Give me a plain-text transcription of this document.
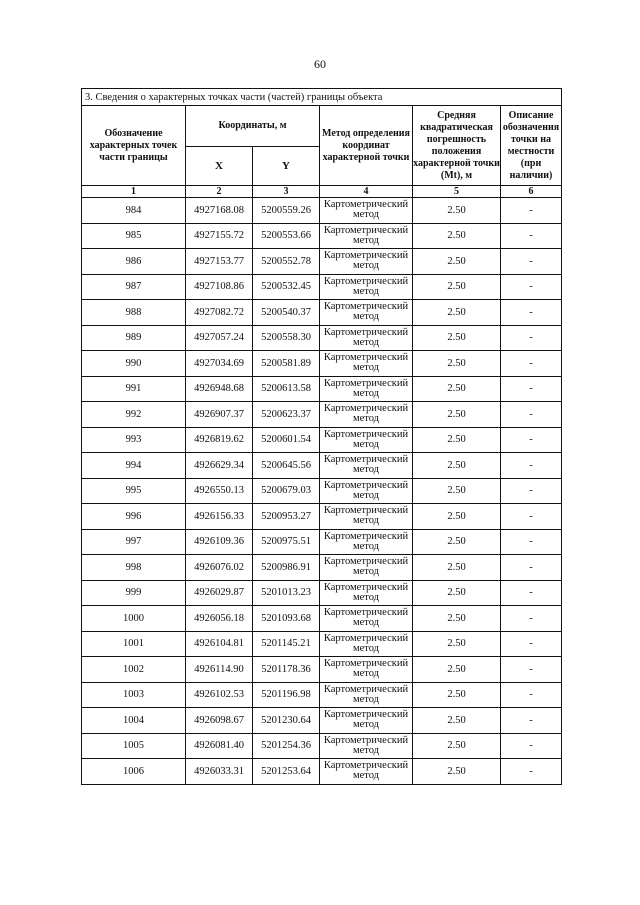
60
3. Сведения о характерных точках части (частей) границы объекта					
Обозначение характерных точек части границы	Координаты, м		Метод определения координат характерной точки	Средняя квадратическая погрешность положения характерной точки (Mt), м	Описание обозначения точки на местности (при наличии)
	X	Y			
1	2	3	4	5	6
984	4927168.08	5200559.26	Картометрический метод	2.50	-
985	4927155.72	5200553.66	Картометрический метод	2.50	-
986	4927153.77	5200552.78	Картометрический метод	2.50	-
987	4927108.86	5200532.45	Картометрический метод	2.50	-
988	4927082.72	5200540.37	Картометрический метод	2.50	-
989	4927057.24	5200558.30	Картометрический метод	2.50	-
990	4927034.69	5200581.89	Картометрический метод	2.50	-
991	4926948.68	5200613.58	Картометрический метод	2.50	-
992	4926907.37	5200623.37	Картометрический метод	2.50	-
993	4926819.62	5200601.54	Картометрический метод	2.50	-
994	4926629.34	5200645.56	Картометрический метод	2.50	-
995	4926550.13	5200679.03	Картометрический метод	2.50	-
996	4926156.33	5200953.27	Картометрический метод	2.50	-
997	4926109.36	5200975.51	Картометрический метод	2.50	-
998	4926076.02	5200986.91	Картометрический метод	2.50	-
999	4926029.87	5201013.23	Картометрический метод	2.50	-
1000	4926056.18	5201093.68	Картометрический метод	2.50	-
1001	4926104.81	5201145.21	Картометрический метод	2.50	-
1002	4926114.90	5201178.36	Картометрический метод	2.50	-
1003	4926102.53	5201196.98	Картометрический метод	2.50	-
1004	4926098.67	5201230.64	Картометрический метод	2.50	-
1005	4926081.40	5201254.36	Картометрический метод	2.50	-
1006	4926033.31	5201253.64	Картометрический метод	2.50	-
